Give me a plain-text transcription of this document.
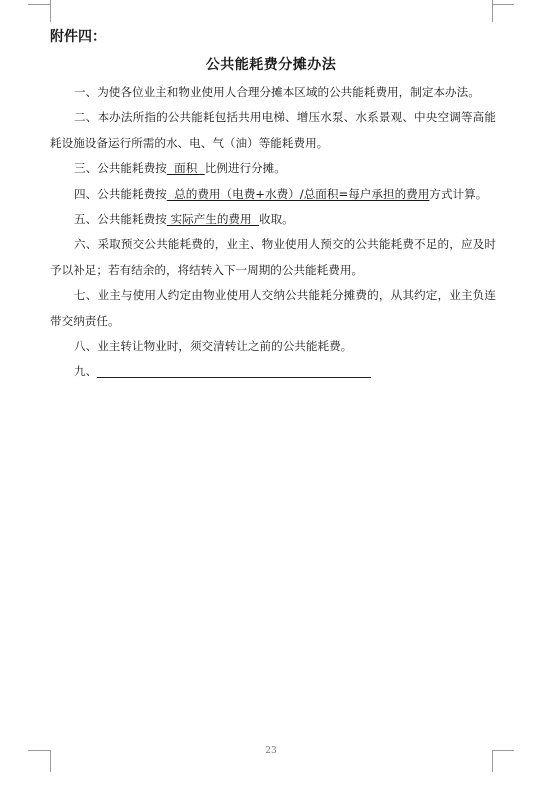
附件四：
公共能耗费分摊办法

一、为使各位业主和物业使用人合理分摊本区域的公共能耗费用，制定本办法。

二、本办法所指的公共能耗包括共用电梯、增压水泵、水系景观、中央空调等高能耗设施设备运行所需的水、电、气（油）等能耗费用。

三、公共能耗费按  面积  比例进行分摊。

四、公共能耗费按  总的费用（电费+水费）/总面积=每户承担的费用方式计算。

五、公共能耗费按 实际产生的费用  收取。

六、采取预交公共能耗费的，业主、物业使用人预交的公共能耗费不足的，应及时予以补足；若有结余的，将结转入下一周期的公共能耗费用。

七、业主与使用人约定由物业使用人交纳公共能耗分摊费的，从其约定，业主负连带交纳责任。

八、业主转让物业时，须交清转让之前的公共能耗费。

九、

23
